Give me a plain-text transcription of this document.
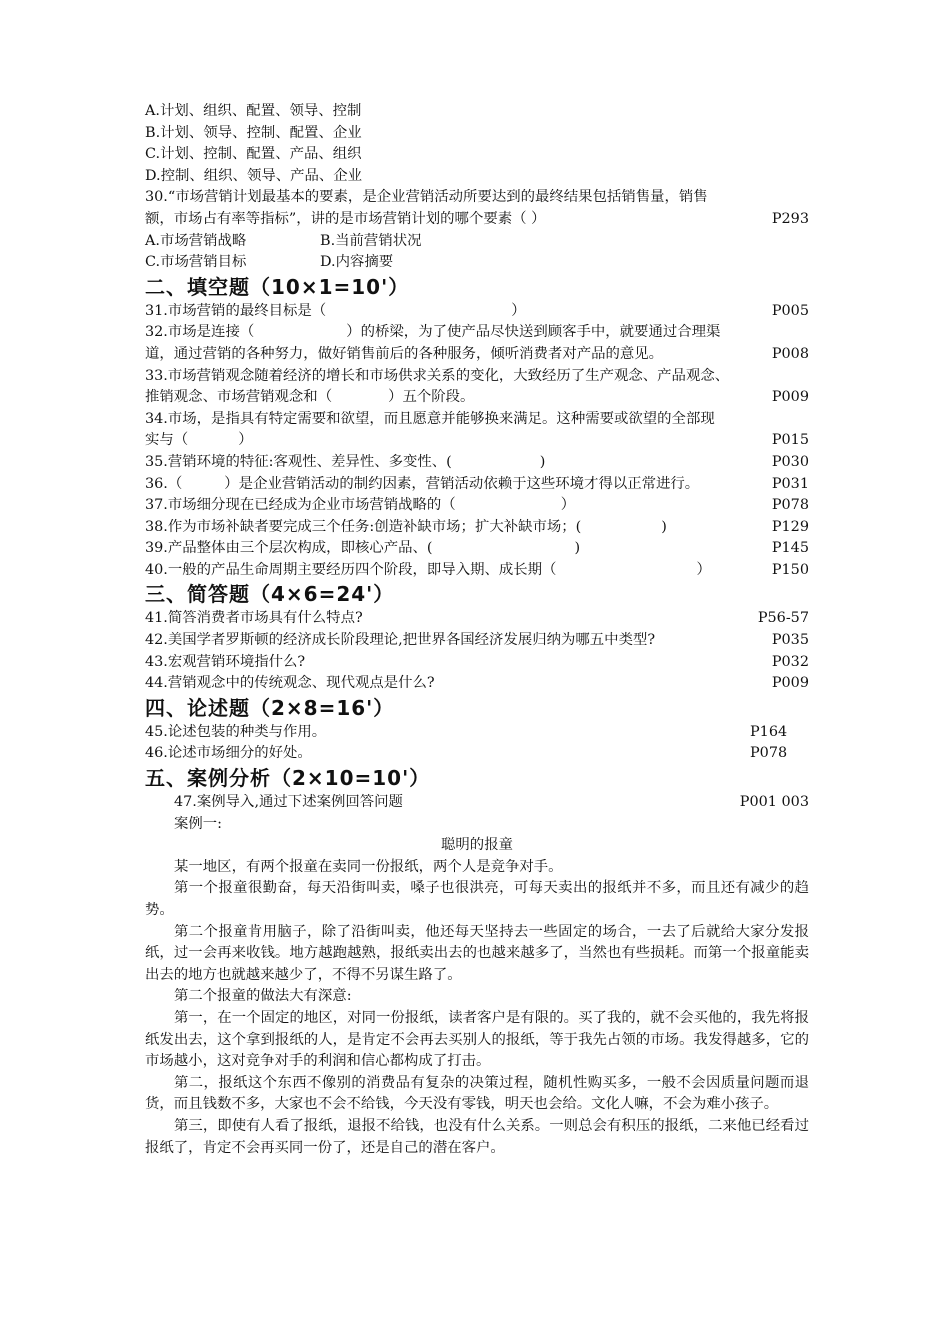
A.计划、组织、配置、领导、控制
B.计划、领导、控制、配置、企业
C.计划、控制、配置、产品、组织
D.控制、组织、领导、产品、企业
30.“市场营销计划最基本的要素，是企业营销活动所要达到的最终结果包括销售量，销售
额，市场占有率等指标”，讲的是市场营销计划的哪个要素（ ）	P293
A.市场营销战略	B.当前营销状况
C.市场营销目标	D.内容摘要
二、填空题（10×1=10'）
31.市场营销的最终目标是（	）	P005
32.市场是连接（	）的桥梁，为了使产品尽快送到顾客手中，就要通过合理渠
道，通过营销的各种努力，做好销售前后的各种服务，倾听消费者对产品的意见。	P008
33.市场营销观念随着经济的增长和市场供求关系的变化，大致经历了生产观念、产品观念、
推销观念、市场营销观念和（	）五个阶段。	P009
34.市场，是指具有特定需要和欲望，而且愿意并能够换来满足。这种需要或欲望的全部现
实与（	）	P015
35.营销环境的特征:客观性、差异性、多变性、(	)	P030
36.（	）是企业营销活动的制约因素，营销活动依赖于这些环境才得以正常进行。	P031
37.市场细分现在已经成为企业市场营销战略的（	）	P078
38.作为市场补缺者要完成三个任务:创造补缺市场；扩大补缺市场；(	)	P129
39.产品整体由三个层次构成，即核心产品、(	)	P145
40.一般的产品生命周期主要经历四个阶段，即导入期、成长期（	）	P150
三、简答题（4×6=24'）
41.简答消费者市场具有什么特点?	P56-57
42.美国学者罗斯顿的经济成长阶段理论,把世界各国经济发展归纳为哪五中类型?	P035
43.宏观营销环境指什么?	P032
44.营销观念中的传统观念、现代观点是什么?	P009
四、论述题（2×8=16'）
45.论述包装的种类与作用。	P164
46.论述市场细分的好处。	P078
五、案例分析（2×10=10'）
47.案例导入,通过下述案例回答问题	P001 003
案例一:
聪明的报童
某一地区，有两个报童在卖同一份报纸，两个人是竞争对手。
第一个报童很勤奋，每天沿街叫卖，嗓子也很洪亮，可每天卖出的报纸并不多，而且还有减少的趋势。
第二个报童肯用脑子，除了沿街叫卖，他还每天坚持去一些固定的场合，一去了后就给大家分发报纸，过一会再来收钱。地方越跑越熟，报纸卖出去的也越来越多了，当然也有些损耗。而第一个报童能卖出去的地方也就越来越少了，不得不另谋生路了。
第二个报童的做法大有深意:
第一，在一个固定的地区，对同一份报纸，读者客户是有限的。买了我的，就不会买他的，我先将报纸发出去，这个拿到报纸的人，是肯定不会再去买别人的报纸，等于我先占领的市场。我发得越多，它的市场越小，这对竞争对手的利润和信心都构成了打击。
第二，报纸这个东西不像别的消费品有复杂的决策过程，随机性购买多，一般不会因质量问题而退货，而且钱数不多，大家也不会不给钱，今天没有零钱，明天也会给。文化人嘛，不会为难小孩子。
第三，即使有人看了报纸，退报不给钱，也没有什么关系。一则总会有积压的报纸，二来他已经看过报纸了，肯定不会再买同一份了，还是自己的潜在客户。
